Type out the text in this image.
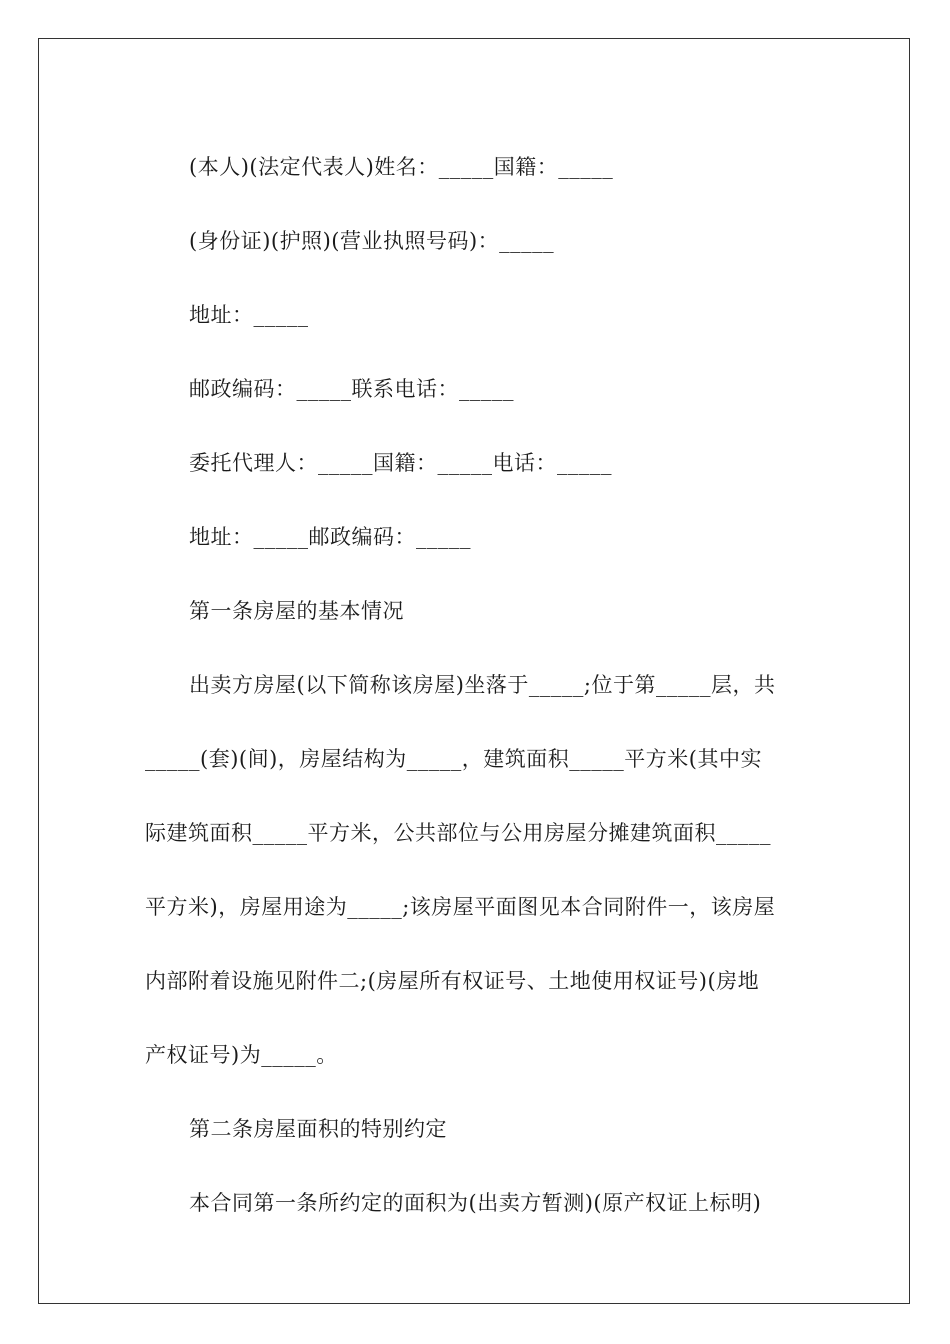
(本人)(法定代表人)姓名：_____国籍：_____
(身份证)(护照)(营业执照号码)：_____
地址：_____
邮政编码：_____联系电话：_____
委托代理人：_____国籍：_____电话：_____
地址：_____邮政编码：_____
第一条房屋的基本情况
出卖方房屋(以下简称该房屋)坐落于_____;位于第_____层，共
_____(套)(间)，房屋结构为_____，建筑面积_____平方米(其中实
际建筑面积_____平方米，公共部位与公用房屋分摊建筑面积_____
平方米)，房屋用途为_____;该房屋平面图见本合同附件一，该房屋
内部附着设施见附件二;(房屋所有权证号、土地使用权证号)(房地
产权证号)为_____。
第二条房屋面积的特别约定
本合同第一条所约定的面积为(出卖方暂测)(原产权证上标明)
